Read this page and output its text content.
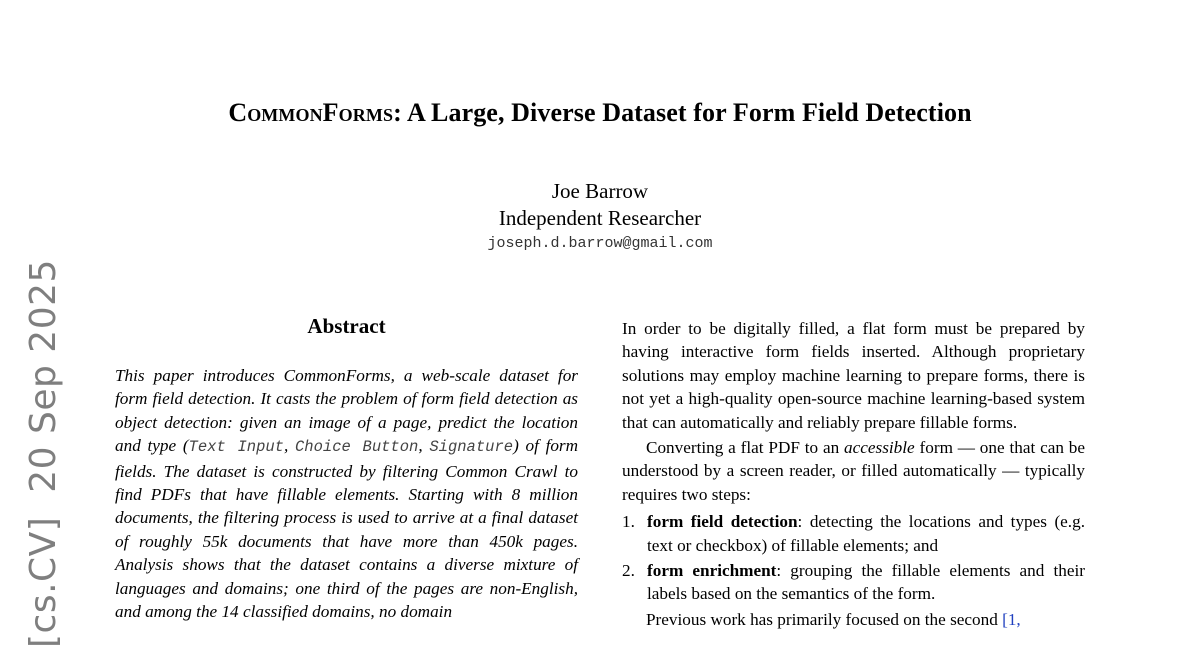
[cs.CV]  20 Sep 2025
CommonForms: A Large, Diverse Dataset for Form Field Detection
Joe Barrow
Independent Researcher
joseph.d.barrow@gmail.com
Abstract
This paper introduces CommonForms, a web-scale dataset for form field detection. It casts the problem of form field detection as object detection: given an image of a page, predict the location and type (Text Input, Choice Button, Signature) of form fields. The dataset is constructed by filtering Common Crawl to find PDFs that have fillable elements. Starting with 8 million documents, the filtering process is used to arrive at a final dataset of roughly 55k documents that have more than 450k pages. Analysis shows that the dataset contains a diverse mixture of languages and domains; one third of the pages are non-English, and among the 14 classified domains, no domain

In order to be digitally filled, a flat form must be prepared by having interactive form fields inserted. Although proprietary solutions may employ machine learning to prepare forms, there is not yet a high-quality open-source machine learning-based system that can automatically and reliably prepare fillable forms.

Converting a flat PDF to an accessible form — one that can be understood by a screen reader, or filled automatically — typically requires two steps:

1. form field detection: detecting the locations and types (e.g. text or checkbox) of fillable elements; and
2. form enrichment: grouping the fillable elements and their labels based on the semantics of the form.

Previous work has primarily focused on the second [1,
